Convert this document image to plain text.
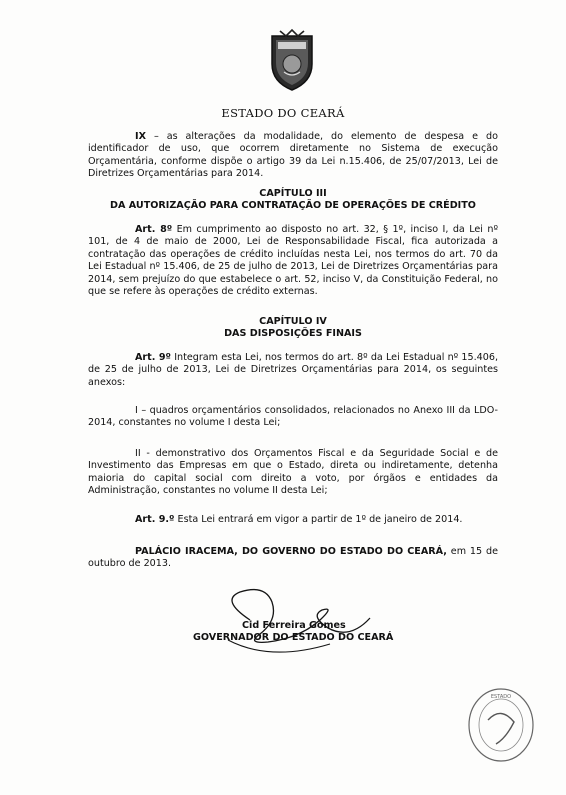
ESTADO DO CEARÁ

IX – as alterações da modalidade, do elemento de despesa e do identificador de uso, que ocorrem diretamente no Sistema de execução Orçamentária, conforme dispõe o artigo 39 da Lei n.15.406, de 25/07/2013, Lei de Diretrizes Orçamentárias para 2014.

CAPÍTULO III

DA AUTORIZAÇÃO PARA CONTRATAÇÃO DE OPERAÇÕES DE CRÉDITO

Art. 8º Em cumprimento ao disposto no art. 32, § 1º, inciso I, da Lei nº 101, de 4 de maio de 2000, Lei de Responsabilidade Fiscal, fica autorizada a contratação das operações de crédito incluídas nesta Lei, nos termos do art. 70 da Lei Estadual nº 15.406, de 25 de julho de 2013, Lei de Diretrizes Orçamentárias para 2014, sem prejuízo do que estabelece o art. 52, inciso V, da Constituição Federal, no que se refere às operações de crédito externas.

CAPÍTULO IV

DAS DISPOSIÇÕES FINAIS

Art. 9º Integram esta Lei, nos termos do art. 8º da Lei Estadual nº 15.406, de 25 de julho de 2013, Lei de Diretrizes Orçamentárias para 2014, os seguintes anexos:

I – quadros orçamentários consolidados, relacionados no Anexo III da LDO-2014, constantes no volume I desta Lei;

II - demonstrativo dos Orçamentos Fiscal e da Seguridade Social e de Investimento das Empresas em que o Estado, direta ou indiretamente, detenha maioria do capital social com direito a voto, por órgãos e entidades da Administração, constantes no volume II desta Lei;

Art. 9.º Esta Lei entrará em vigor a partir de 1º de janeiro de 2014.

PALÁCIO IRACEMA, DO GOVERNO DO ESTADO DO CEARÁ, em 15 de outubro de 2013.

Cid Ferreira Gomes
GOVERNADOR DO ESTADO DO CEARÁ
ESTADO
